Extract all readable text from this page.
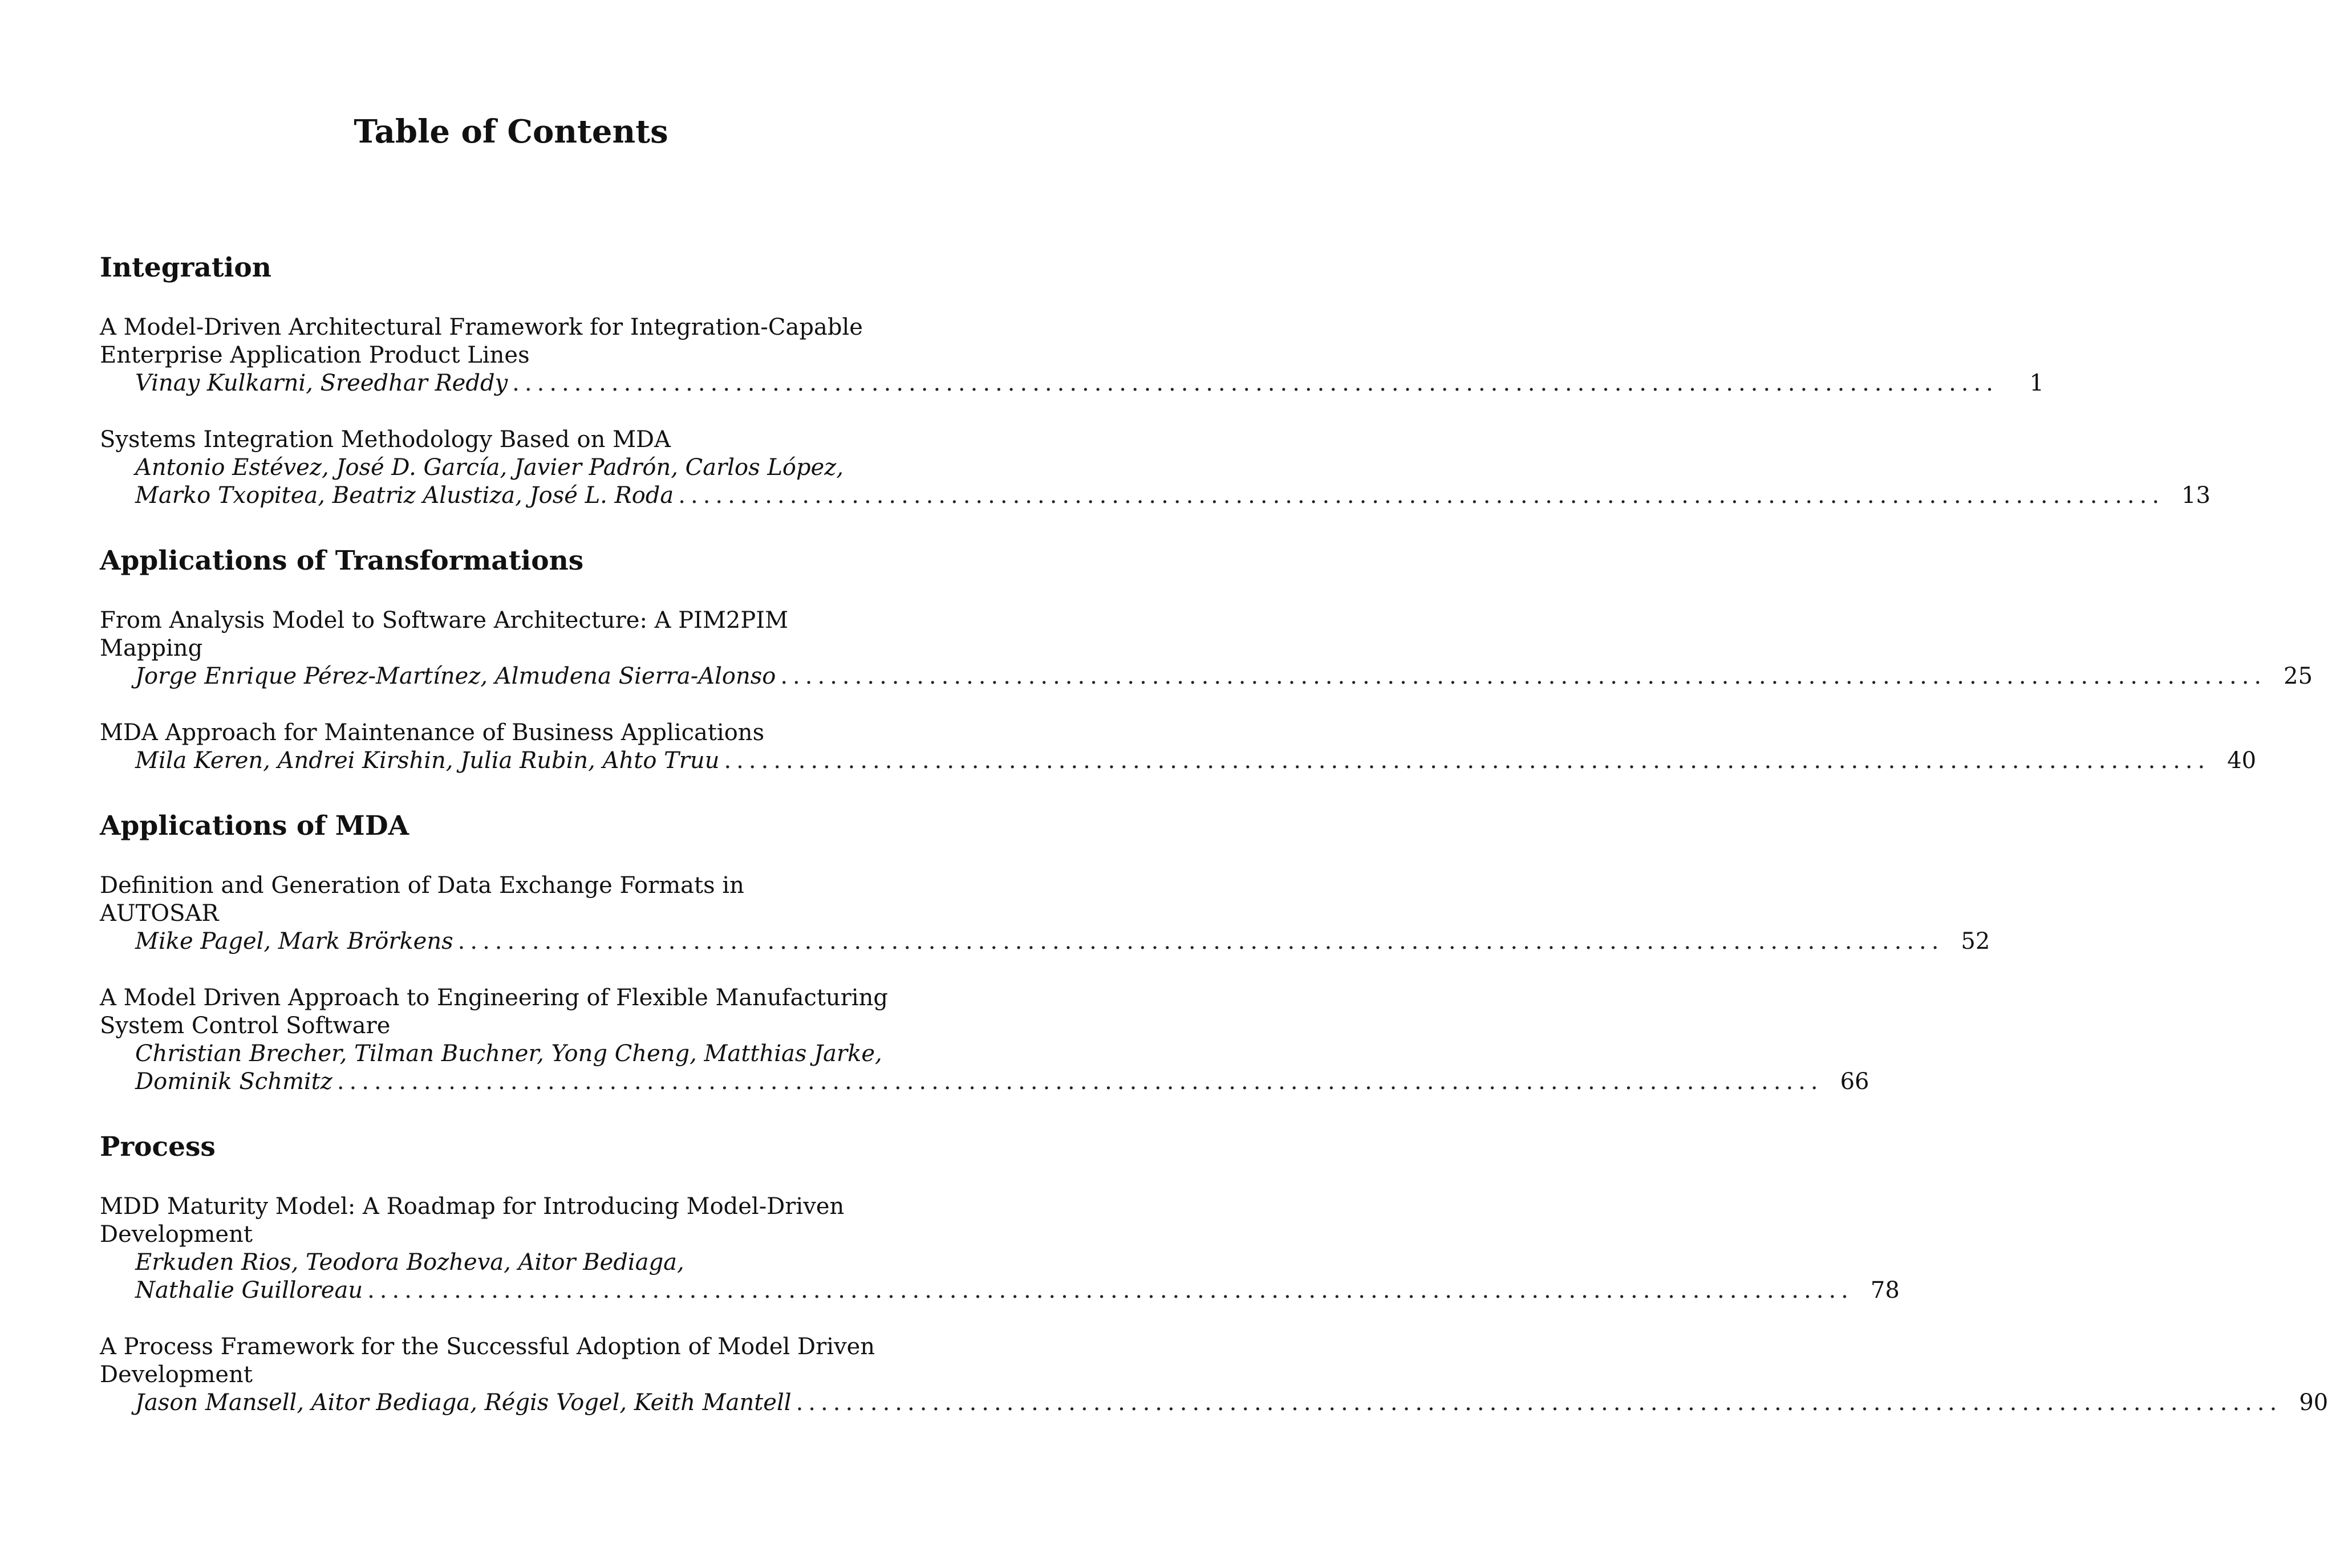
Table of Contents
Integration
A Model-Driven Architectural Framework for Integration-Capable
Enterprise Application Product Lines
Vinay Kulkarni, Sreedhar Reddy ........................................................................................................................	1
Systems Integration Methodology Based on MDA
Antonio Estévez, José D. García, Javier Padrón, Carlos López,
Marko Txopitea, Beatriz Alustiza, José L. Roda ........................................................................................................................ 13
Applications of Transformations
From Analysis Model to Software Architecture: A PIM2PIM
Mapping
Jorge Enrique Pérez-Martínez, Almudena Sierra-Alonso ........................................................................................................................ 25
MDA Approach for Maintenance of Business Applications
Mila Keren, Andrei Kirshin, Julia Rubin, Ahto Truu ........................................................................................................................ 40
Applications of MDA
Definition and Generation of Data Exchange Formats in
AUTOSAR
Mike Pagel, Mark Brörkens ........................................................................................................................ 52
A Model Driven Approach to Engineering of Flexible Manufacturing
System Control Software
Christian Brecher, Tilman Buchner, Yong Cheng, Matthias Jarke,
Dominik Schmitz ........................................................................................................................ 66
Process
MDD Maturity Model: A Roadmap for Introducing Model-Driven
Development
Erkuden Rios, Teodora Bozheva, Aitor Bediaga,
Nathalie Guilloreau ........................................................................................................................ 78
A Process Framework for the Successful Adoption of Model Driven
Development
Jason Mansell, Aitor Bediaga, Régis Vogel, Keith Mantell ........................................................................................................................ 90
